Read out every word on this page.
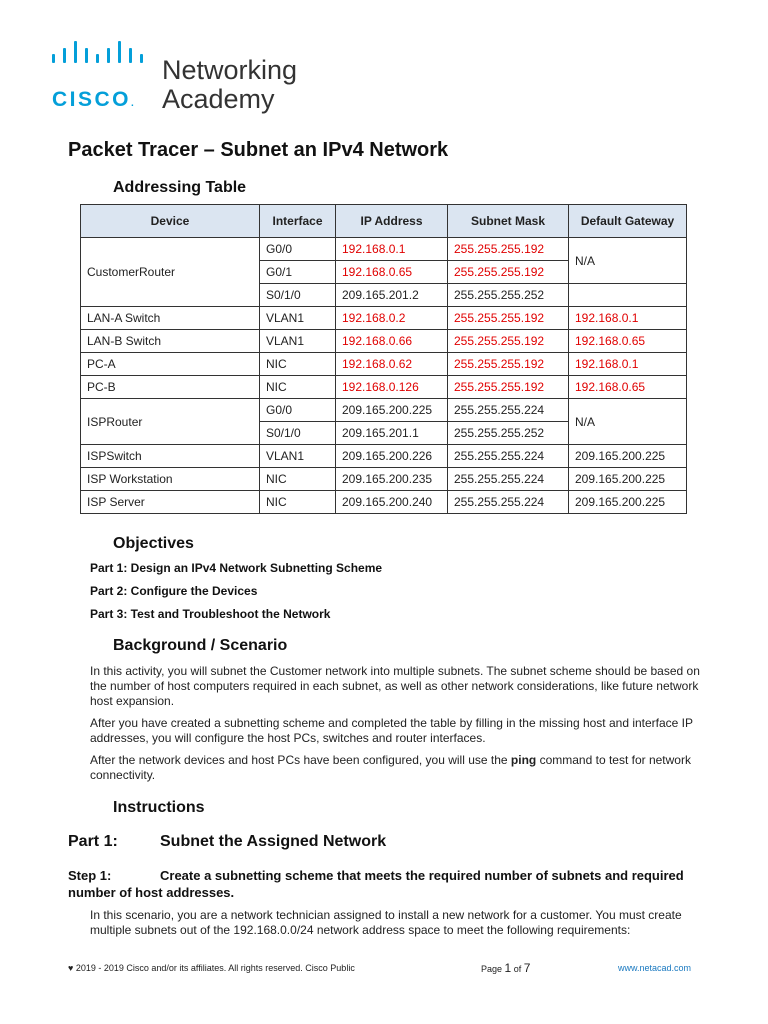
CISCO.
Networking
Academy
Packet Tracer – Subnet an IPv4 Network
Addressing Table
Device	Interface	IP Address	Subnet Mask	Default Gateway
CustomerRouter	G0/0	192.168.0.1	255.255.255.192	N/A
	G0/1	192.168.0.65	255.255.255.192	
	S0/1/0	209.165.201.2	255.255.255.252	
LAN-A Switch	VLAN1	192.168.0.2	255.255.255.192	192.168.0.1
LAN-B Switch	VLAN1	192.168.0.66	255.255.255.192	192.168.0.65
PC-A	NIC	192.168.0.62	255.255.255.192	192.168.0.1
PC-B	NIC	192.168.0.126	255.255.255.192	192.168.0.65
ISPRouter	G0/0	209.165.200.225	255.255.255.224	N/A
	S0/1/0	209.165.201.1	255.255.255.252	
ISPSwitch	VLAN1	209.165.200.226	255.255.255.224	209.165.200.225
ISP Workstation	NIC	209.165.200.235	255.255.255.224	209.165.200.225
ISP Server	NIC	209.165.200.240	255.255.255.224	209.165.200.225
Objectives
Part 1: Design an IPv4 Network Subnetting Scheme
Part 2: Configure the Devices
Part 3: Test and Troubleshoot the Network
Background / Scenario
In this activity, you will subnet the Customer network into multiple subnets. The subnet scheme should be based on the number of host computers required in each subnet, as well as other network considerations, like future network host expansion.
After you have created a subnetting scheme and completed the table by filling in the missing host and interface IP addresses, you will configure the host PCs, switches and router interfaces.
After the network devices and host PCs have been configured, you will use the ping command to test for network connectivity.
Instructions
Part 1:	Subnet the Assigned Network
Step 1:	Create a subnetting scheme that meets the required number of subnets and required number of host addresses.
In this scenario, you are a network technician assigned to install a new network for a customer. You must create multiple subnets out of the 192.168.0.0/24 network address space to meet the following requirements:
♥ 2019 - 2019 Cisco and/or its affiliates. All rights reserved. Cisco Public	Page 1 of 7	www.netacad.com
